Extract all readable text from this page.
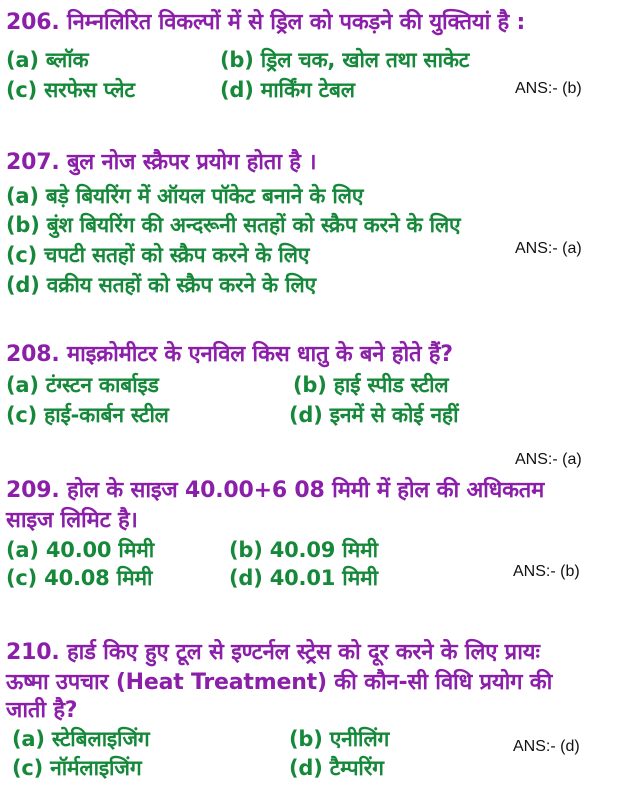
206. निम्नलिरित विकल्पों में से ड्रिल को पकड़ने की युक्तियां है :
(a) ब्लॉक	(b) ड्रिल चक, खोल तथा साकेट
(c) सरफेस प्लेट	(d) मार्किंग टेबल	ANS:- (b)
207. बुल नोज स्क्रैपर प्रयोग होता है ।
(a) बड़े बियरिंग में ऑयल पॉकेट बनाने के लिए
(b) बुंश बियरिंग की अन्दरूनी सतहों को स्क्रैप करने के लिए
(c) चपटी सतहों को स्क्रैप करने के लिए
(d) वक्रीय सतहों को स्क्रैप करने के लिए
ANS:- (a)
208. माइक्रोमीटर के एनविल किस धातु के बने होते हैं?
(a) टंग्स्टन कार्बाइड	(b) हाई स्पीड स्टील
(c) हाई-कार्बन स्टील	(d) इनमें से कोई नहीं
ANS:- (a)
209. होल के साइज 40.00+6 08 मिमी में होल की अधिकतम
साइज लिमिट है।
(a) 40.00 मिमी	(b) 40.09 मिमी
(c) 40.08 मिमी	(d) 40.01 मिमी	ANS:- (b)
210. हार्ड किए हुए टूल से इण्टर्नल स्ट्रेस को दूर करने के लिए प्रायः
ऊष्मा उपचार (Heat Treatment) की कौन-सी विधि प्रयोग की
जाती है?
(a) स्टेबिलाइजिंग	(b) एनीलिंग
(c) नॉर्मलाइजिंग	(d) टैम्परिंग
ANS:- (d)
